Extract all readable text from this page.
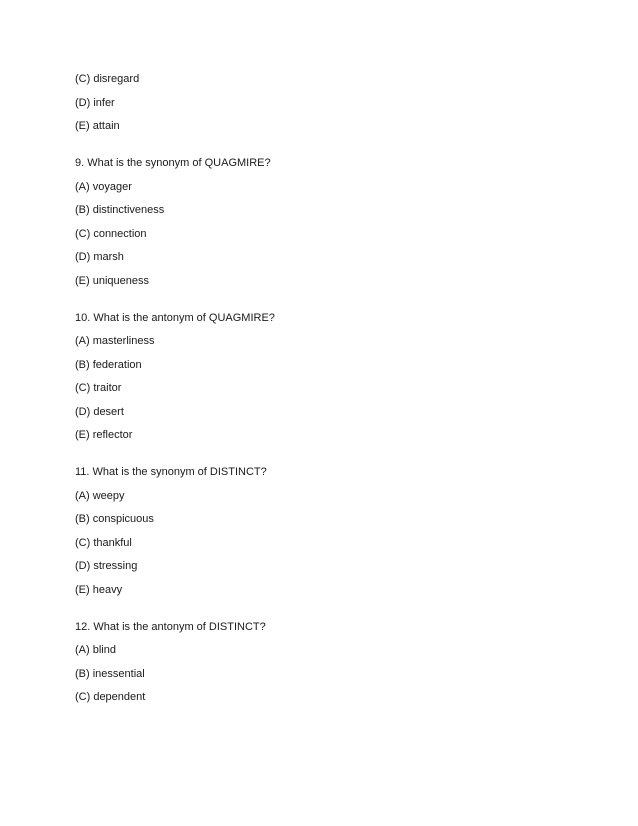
(C) disregard
(D) infer
(E) attain
9. What is the synonym of QUAGMIRE?
(A) voyager
(B) distinctiveness
(C) connection
(D) marsh
(E) uniqueness
10. What is the antonym of QUAGMIRE?
(A) masterliness
(B) federation
(C) traitor
(D) desert
(E) reflector
11. What is the synonym of DISTINCT?
(A) weepy
(B) conspicuous
(C) thankful
(D) stressing
(E) heavy
12. What is the antonym of DISTINCT?
(A) blind
(B) inessential
(C) dependent
